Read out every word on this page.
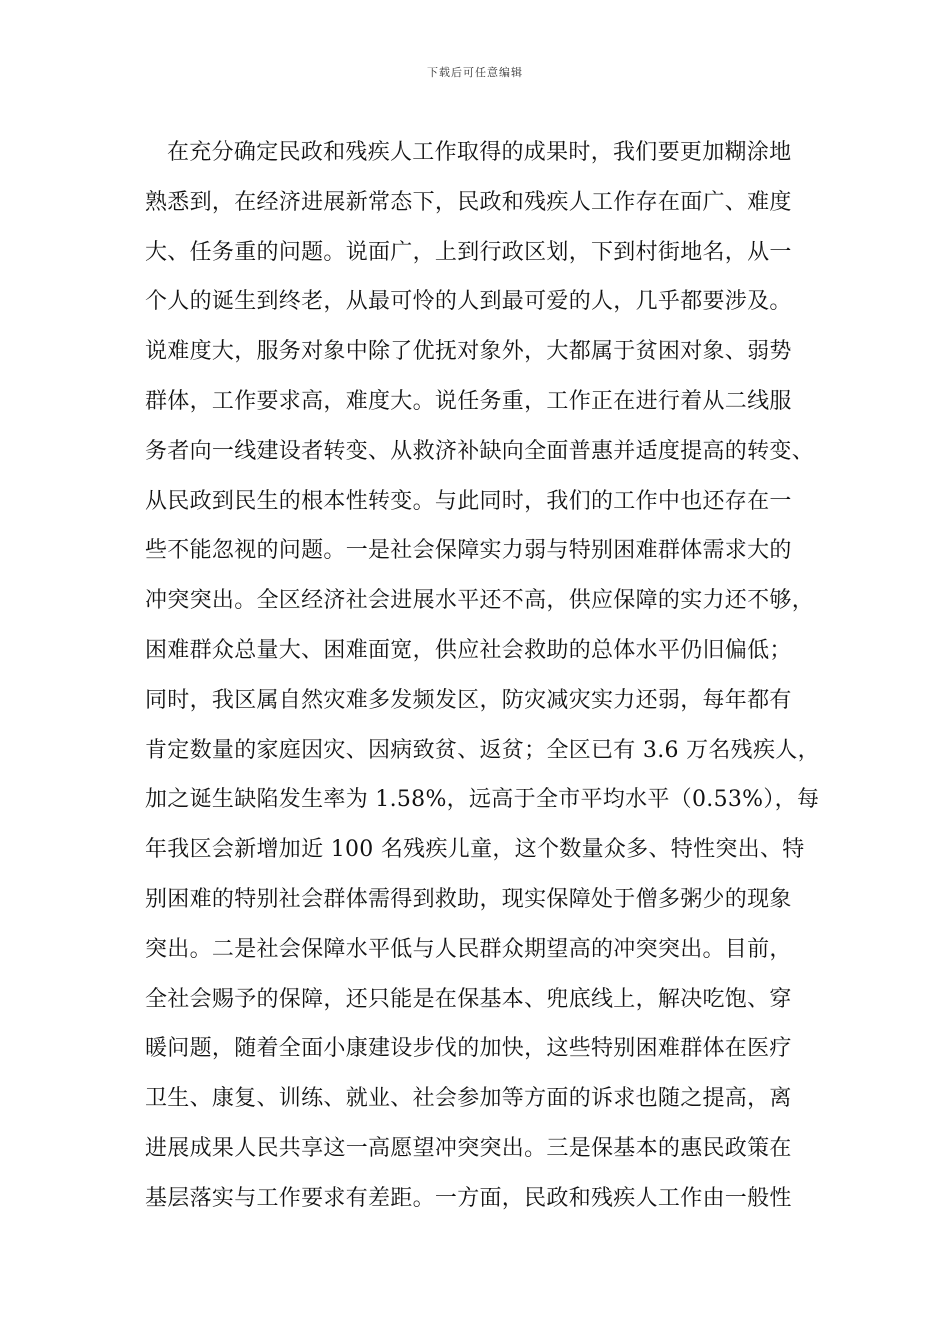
下载后可任意编辑
在充分确定民政和残疾人工作取得的成果时，我们要更加糊涂地
熟悉到，在经济进展新常态下，民政和残疾人工作存在面广、难度
大、任务重的问题。说面广，上到行政区划，下到村街地名，从一
个人的诞生到终老，从最可怜的人到最可爱的人，几乎都要涉及。
说难度大，服务对象中除了优抚对象外，大都属于贫困对象、弱势
群体，工作要求高，难度大。说任务重，工作正在进行着从二线服
务者向一线建设者转变、从救济补缺向全面普惠并适度提高的转变、
从民政到民生的根本性转变。与此同时，我们的工作中也还存在一
些不能忽视的问题。一是社会保障实力弱与特别困难群体需求大的
冲突突出。全区经济社会进展水平还不高，供应保障的实力还不够，
困难群众总量大、困难面宽，供应社会救助的总体水平仍旧偏低；
同时，我区属自然灾难多发频发区，防灾减灾实力还弱，每年都有
肯定数量的家庭因灾、因病致贫、返贫；全区已有 3.6 万名残疾人，
加之诞生缺陷发生率为 1.58%，远高于全市平均水平（0.53%），每
年我区会新增加近 100 名残疾儿童，这个数量众多、特性突出、特
别困难的特别社会群体需得到救助，现实保障处于僧多粥少的现象
突出。二是社会保障水平低与人民群众期望高的冲突突出。目前，
全社会赐予的保障，还只能是在保基本、兜底线上，解决吃饱、穿
暖问题，随着全面小康建设步伐的加快，这些特别困难群体在医疗
卫生、康复、训练、就业、社会参加等方面的诉求也随之提高，离
进展成果人民共享这一高愿望冲突突出。三是保基本的惠民政策在
基层落实与工作要求有差距。一方面，民政和残疾人工作由一般性
